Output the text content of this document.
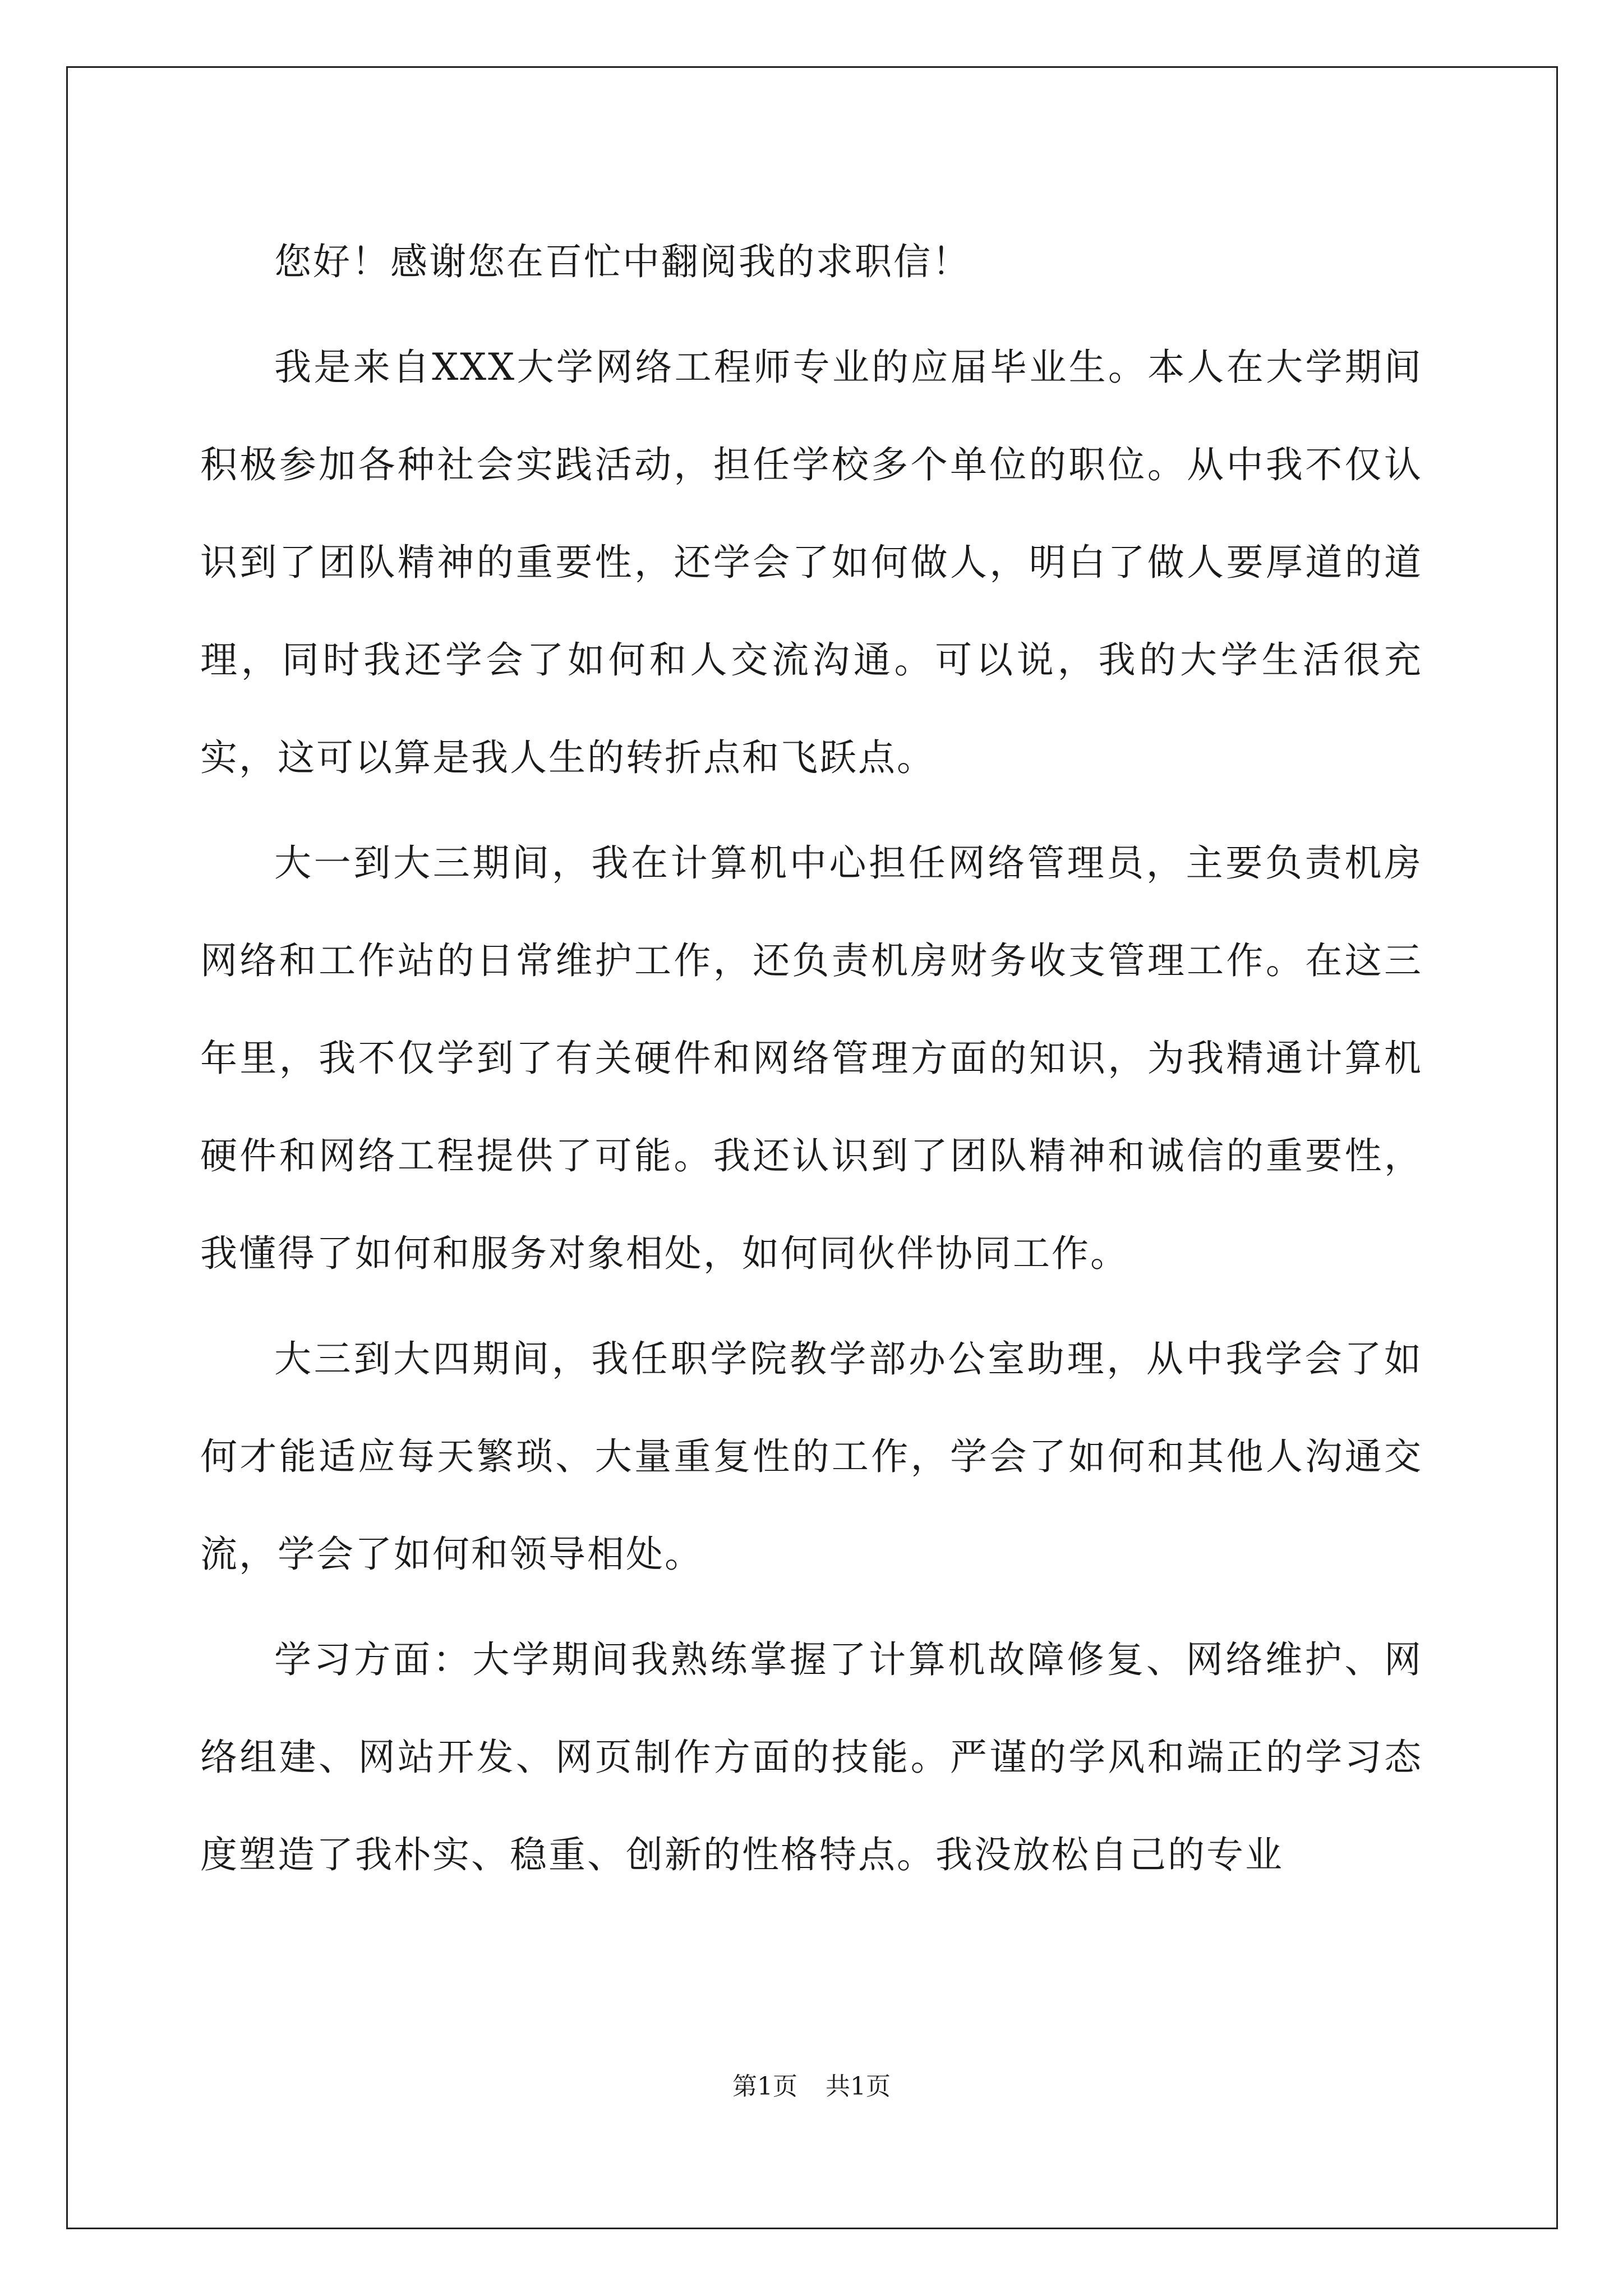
您好！感谢您在百忙中翻阅我的求职信！

我是来自XXX大学网络工程师专业的应届毕业生。本人在大学期间积极参加各种社会实践活动，担任学校多个单位的职位。从中我不仅认识到了团队精神的重要性，还学会了如何做人，明白了做人要厚道的道理，同时我还学会了如何和人交流沟通。可以说，我的大学生活很充实，这可以算是我人生的转折点和飞跃点。

大一到大三期间，我在计算机中心担任网络管理员，主要负责机房网络和工作站的日常维护工作，还负责机房财务收支管理工作。在这三年里，我不仅学到了有关硬件和网络管理方面的知识，为我精通计算机硬件和网络工程提供了可能。我还认识到了团队精神和诚信的重要性，我懂得了如何和服务对象相处，如何同伙伴协同工作。

大三到大四期间，我任职学院教学部办公室助理，从中我学会了如何才能适应每天繁琐、大量重复性的工作，学会了如何和其他人沟通交流，学会了如何和领导相处。

学习方面：大学期间我熟练掌握了计算机故障修复、网络维护、网络组建、网站开发、网页制作方面的技能。严谨的学风和端正的学习态度塑造了我朴实、稳重、创新的性格特点。我没放松自己的专业

第1页 共1页
